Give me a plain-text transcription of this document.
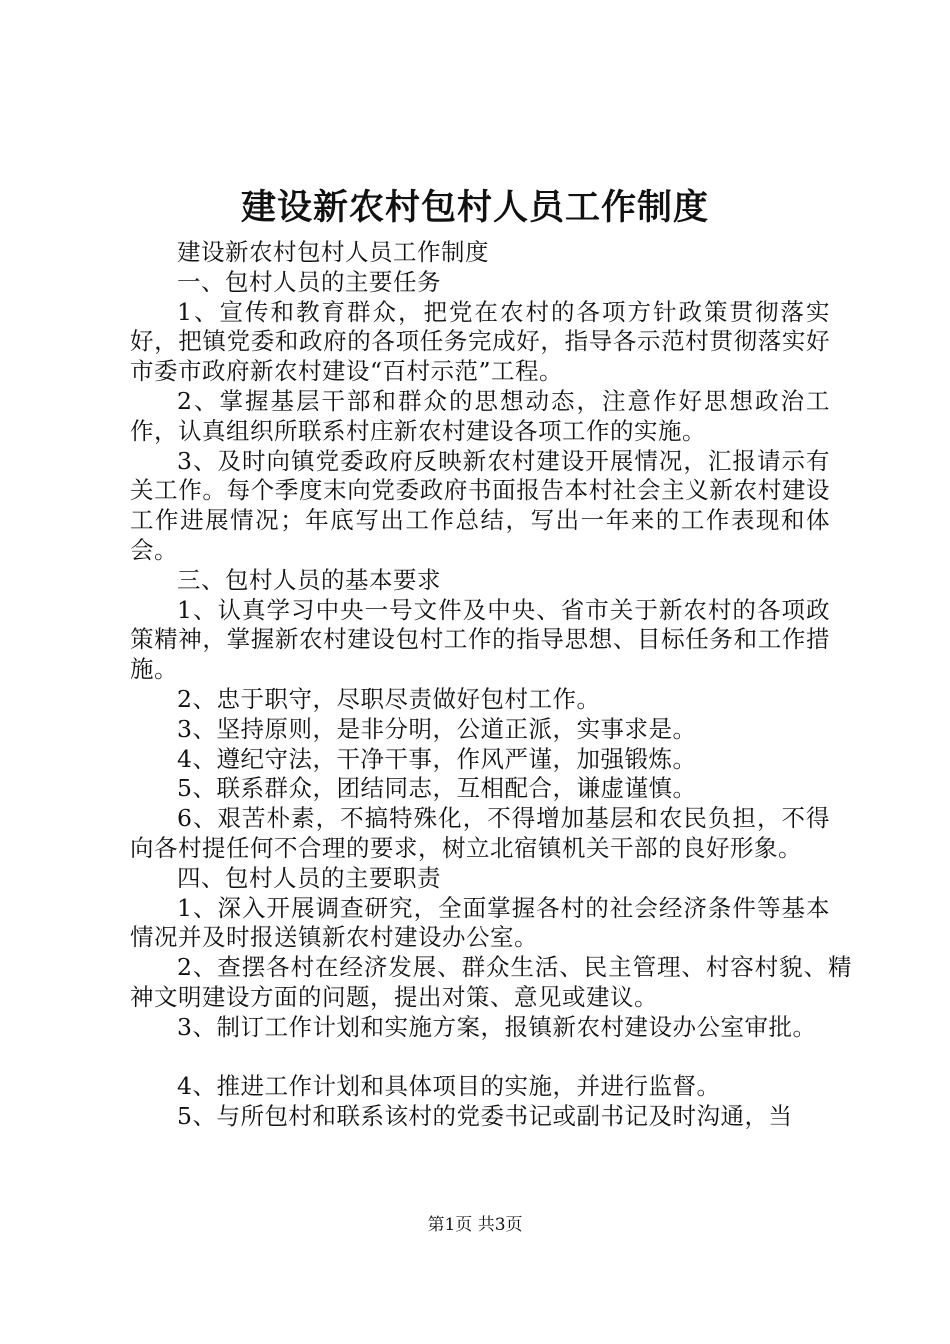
建设新农村包村人员工作制度

建设新农村包村人员工作制度

一、包村人员的主要任务

1、宣传和教育群众，把党在农村的各项方针政策贯彻落实好，把镇党委和政府的各项任务完成好，指导各示范村贯彻落实好市委市政府新农村建设“百村示范”工程。

2、掌握基层干部和群众的思想动态，注意作好思想政治工作，认真组织所联系村庄新农村建设各项工作的实施。

3、及时向镇党委政府反映新农村建设开展情况，汇报请示有关工作。每个季度末向党委政府书面报告本村社会主义新农村建设工作进展情况；年底写出工作总结，写出一年来的工作表现和体会。

三、包村人员的基本要求

1、认真学习中央一号文件及中央、省市关于新农村的各项政策精神，掌握新农村建设包村工作的指导思想、目标任务和工作措施。

2、忠于职守，尽职尽责做好包村工作。

3、坚持原则，是非分明，公道正派，实事求是。

4、遵纪守法，干净干事，作风严谨，加强锻炼。

5、联系群众，团结同志，互相配合，谦虚谨慎。

6、艰苦朴素，不搞特殊化，不得增加基层和农民负担，不得向各村提任何不合理的要求，树立北宿镇机关干部的良好形象。

四、包村人员的主要职责

1、深入开展调查研究，全面掌握各村的社会经济条件等基本情况并及时报送镇新农村建设办公室。

2、查摆各村在经济发展、群众生活、民主管理、村容村貌、精神文明建设方面的问题，提出对策、意见或建议。

3、制订工作计划和实施方案，报镇新农村建设办公室审批。

4、推进工作计划和具体项目的实施，并进行监督。

5、与所包村和联系该村的党委书记或副书记及时沟通，当

第1页 共3页
